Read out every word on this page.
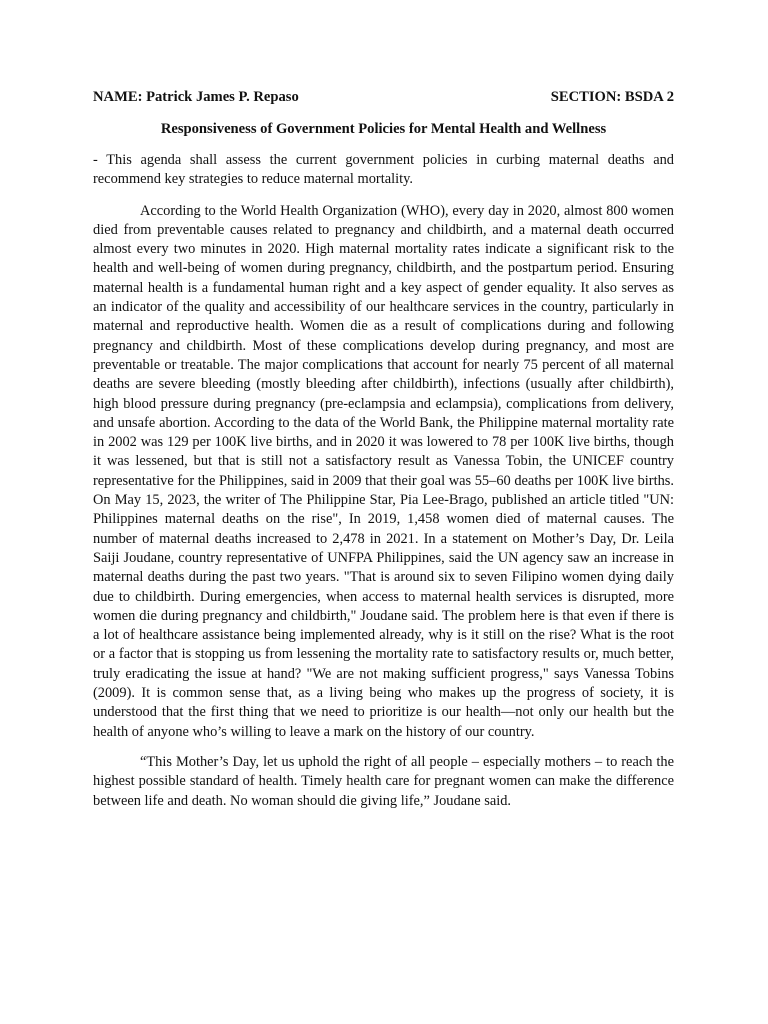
NAME: Patrick James P. Repaso	SECTION: BSDA 2
Responsiveness of Government Policies for Mental Health and Wellness
- This agenda shall assess the current government policies in curbing maternal deaths and recommend key strategies to reduce maternal mortality.
According to the World Health Organization (WHO), every day in 2020, almost 800 women died from preventable causes related to pregnancy and childbirth, and a maternal death occurred almost every two minutes in 2020. High maternal mortality rates indicate a significant risk to the health and well-being of women during pregnancy, childbirth, and the postpartum period. Ensuring maternal health is a fundamental human right and a key aspect of gender equality. It also serves as an indicator of the quality and accessibility of our healthcare services in the country, particularly in maternal and reproductive health. Women die as a result of complications during and following pregnancy and childbirth. Most of these complications develop during pregnancy, and most are preventable or treatable. The major complications that account for nearly 75 percent of all maternal deaths are severe bleeding (mostly bleeding after childbirth), infections (usually after childbirth), high blood pressure during pregnancy (pre-eclampsia and eclampsia), complications from delivery, and unsafe abortion. According to the data of the World Bank, the Philippine maternal mortality rate in 2002 was 129 per 100K live births, and in 2020 it was lowered to 78 per 100K live births, though it was lessened, but that is still not a satisfactory result as Vanessa Tobin, the UNICEF country representative for the Philippines, said in 2009 that their goal was 55–60 deaths per 100K live births. On May 15, 2023, the writer of The Philippine Star, Pia Lee-Brago, published an article titled "UN: Philippines maternal deaths on the rise", In 2019, 1,458 women died of maternal causes. The number of maternal deaths increased to 2,478 in 2021. In a statement on Mother’s Day, Dr. Leila Saiji Joudane, country representative of UNFPA Philippines, said the UN agency saw an increase in maternal deaths during the past two years. "That is around six to seven Filipino women dying daily due to childbirth. During emergencies, when access to maternal health services is disrupted, more women die during pregnancy and childbirth," Joudane said. The problem here is that even if there is a lot of healthcare assistance being implemented already, why is it still on the rise? What is the root or a factor that is stopping us from lessening the mortality rate to satisfactory results or, much better, truly eradicating the issue at hand? "We are not making sufficient progress," says Vanessa Tobins (2009). It is common sense that, as a living being who makes up the progress of society, it is understood that the first thing that we need to prioritize is our health—not only our health but the health of anyone who’s willing to leave a mark on the history of our country.
“This Mother’s Day, let us uphold the right of all people – especially mothers – to reach the highest possible standard of health. Timely health care for pregnant women can make the difference between life and death. No woman should die giving life,” Joudane said.
